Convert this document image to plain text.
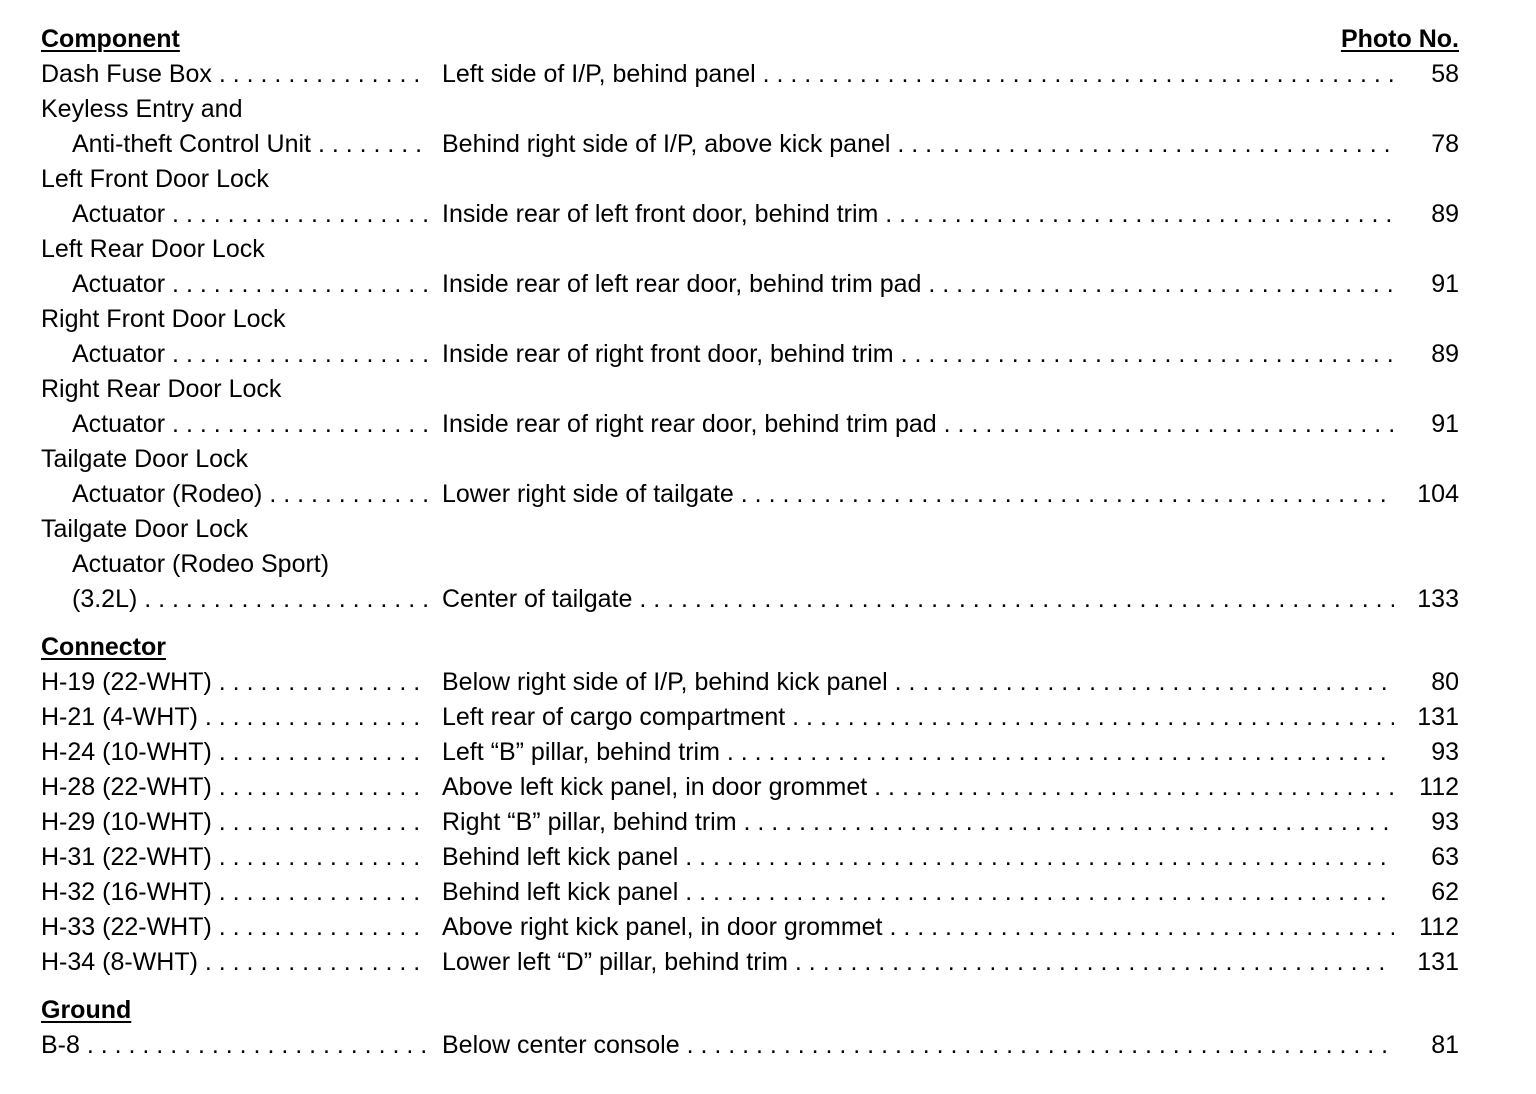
Component	Photo No.
Dash Fuse Box . . .	Left side of I/P, behind panel . . .	58
Keyless Entry and
Anti-theft Control Unit . . .	Behind right side of I/P, above kick panel . . .	78
Left Front Door Lock
Actuator . . .	Inside rear of left front door, behind trim . . .	89
Left Rear Door Lock
Actuator . . .	Inside rear of left rear door, behind trim pad . . .	91
Right Front Door Lock
Actuator . . .	Inside rear of right front door, behind trim . . .	89
Right Rear Door Lock
Actuator . . .	Inside rear of right rear door, behind trim pad . . .	91
Tailgate Door Lock
Actuator (Rodeo) . . .	Lower right side of tailgate . . .	104
Tailgate Door Lock
Actuator (Rodeo Sport)
(3.2L) . . .	Center of tailgate . . .	133
Connector
H-19 (22-WHT) . . .	Below right side of I/P, behind kick panel . . .	80
H-21 (4-WHT) . . .	Left rear of cargo compartment . . .	131
H-24 (10-WHT) . . .	Left “B” pillar, behind trim . . .	93
H-28 (22-WHT) . . .	Above left kick panel, in door grommet . . .	112
H-29 (10-WHT) . . .	Right “B” pillar, behind trim . . .	93
H-31 (22-WHT) . . .	Behind left kick panel . . .	63
H-32 (16-WHT) . . .	Behind left kick panel . . .	62
H-33 (22-WHT) . . .	Above right kick panel, in door grommet . . .	112
H-34 (8-WHT) . . .	Lower left “D” pillar, behind trim . . .	131
Ground
B-8 . . .	Below center console . . .	81
